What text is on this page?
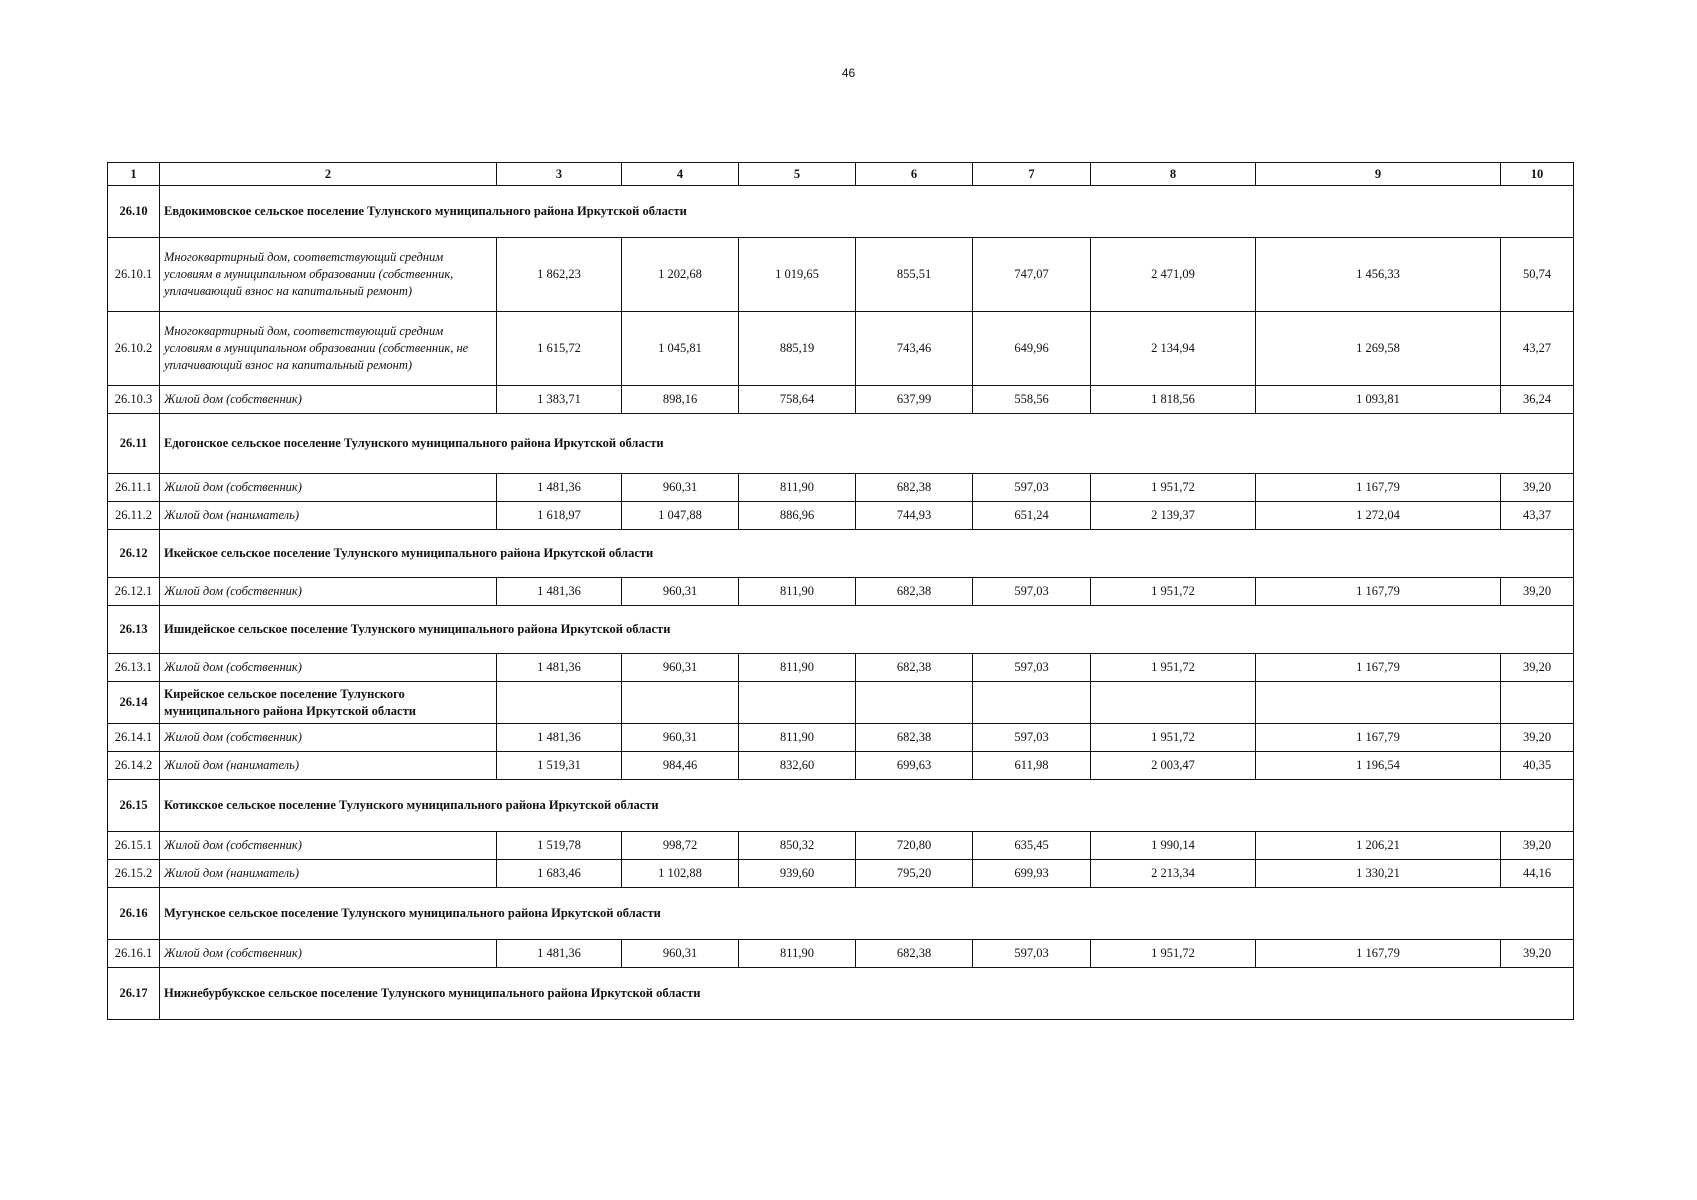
46
1	2	3	4	5	6	7	8	9	10
26.10	Евдокимовское сельское поселение Тулунского муниципального района Иркутской области								
26.10.1	Многоквартирный дом, соответствующий средним условиям в муниципальном образовании (собственник, уплачивающий взнос на капитальный ремонт)	1 862,23	1 202,68	1 019,65	855,51	747,07	2 471,09	1 456,33	50,74
26.10.2	Многоквартирный дом, соответствующий средним условиям в муниципальном образовании (собственник, не уплачивающий взнос на капитальный ремонт)	1 615,72	1 045,81	885,19	743,46	649,96	2 134,94	1 269,58	43,27
26.10.3	Жилой дом (собственник)	1 383,71	898,16	758,64	637,99	558,56	1 818,56	1 093,81	36,24
26.11	Едогонское сельское поселение Тулунского муниципального района Иркутской области								
26.11.1	Жилой дом (собственник)	1 481,36	960,31	811,90	682,38	597,03	1 951,72	1 167,79	39,20
26.11.2	Жилой дом (наниматель)	1 618,97	1 047,88	886,96	744,93	651,24	2 139,37	1 272,04	43,37
26.12	Икейское сельское поселение Тулунского муниципального района Иркутской области								
26.12.1	Жилой дом (собственник)	1 481,36	960,31	811,90	682,38	597,03	1 951,72	1 167,79	39,20
26.13	Ишидейское сельское поселение Тулунского муниципального района Иркутской области								
26.13.1	Жилой дом (собственник)	1 481,36	960,31	811,90	682,38	597,03	1 951,72	1 167,79	39,20
26.14	Кирейское сельское поселение Тулунского муниципального района Иркутской области								
26.14.1	Жилой дом (собственник)	1 481,36	960,31	811,90	682,38	597,03	1 951,72	1 167,79	39,20
26.14.2	Жилой дом (наниматель)	1 519,31	984,46	832,60	699,63	611,98	2 003,47	1 196,54	40,35
26.15	Котикское сельское поселение Тулунского муниципального района Иркутской области								
26.15.1	Жилой дом (собственник)	1 519,78	998,72	850,32	720,80	635,45	1 990,14	1 206,21	39,20
26.15.2	Жилой дом (наниматель)	1 683,46	1 102,88	939,60	795,20	699,93	2 213,34	1 330,21	44,16
26.16	Мугунское сельское поселение Тулунского муниципального района Иркутской области								
26.16.1	Жилой дом (собственник)	1 481,36	960,31	811,90	682,38	597,03	1 951,72	1 167,79	39,20
26.17	Нижнебурбукское сельское поселение Тулунского муниципального района Иркутской области								
